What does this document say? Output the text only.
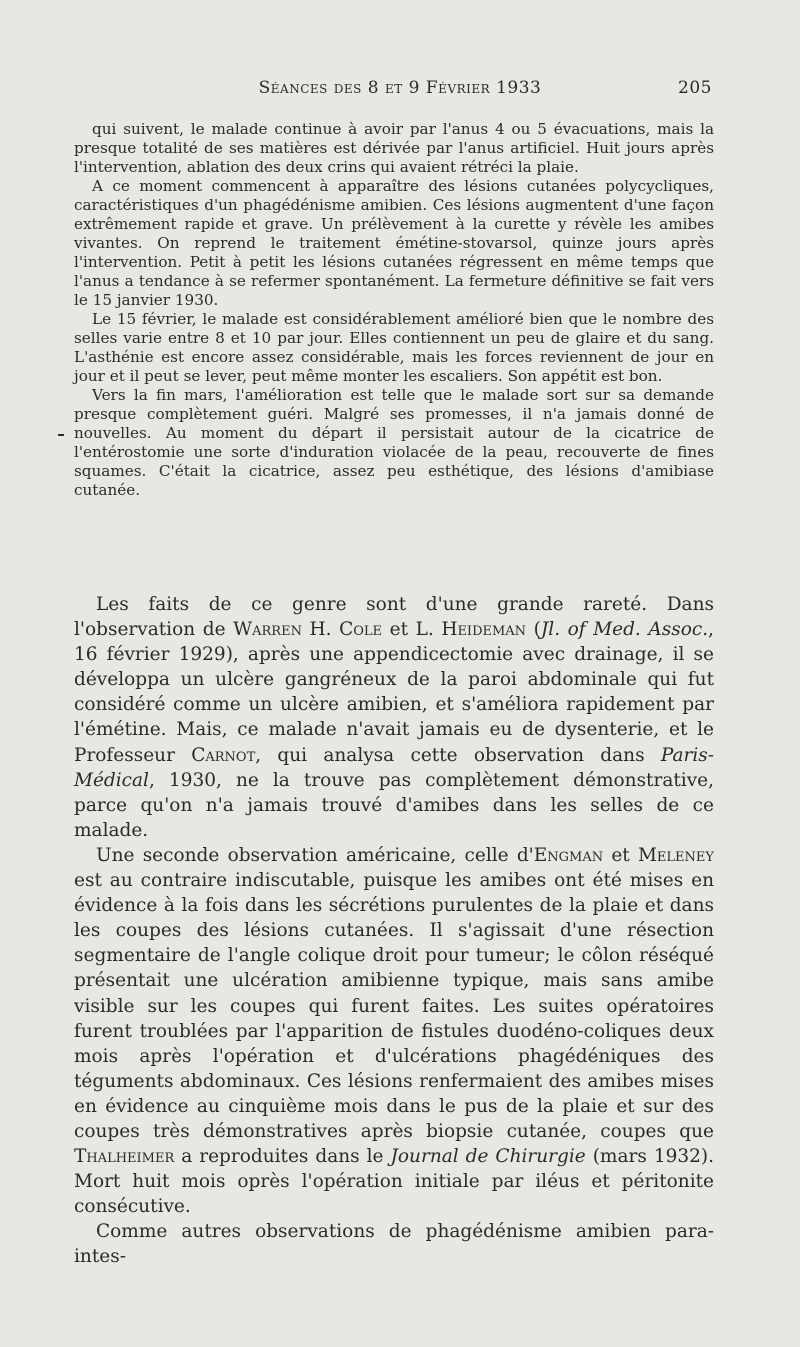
Séances des 8 et 9 Février 1933	205

qui suivent, le malade continue à avoir par l'anus 4 ou 5 évacuations, mais la presque totalité de ses matières est dérivée par l'anus artificiel. Huit jours après l'intervention, ablation des deux crins qui avaient rétréci la plaie.

A ce moment commencent à apparaître des lésions cutanées polycycliques, caractéristiques d'un phagédénisme amibien. Ces lésions augmentent d'une façon extrêmement rapide et grave. Un prélèvement à la curette y révèle les amibes vivantes. On reprend le traitement émétine-stovarsol, quinze jours après l'intervention. Petit à petit les lésions cutanées régressent en même temps que l'anus a tendance à se refermer spontanément. La fermeture définitive se fait vers le 15 janvier 1930.

Le 15 février, le malade est considérablement amélioré bien que le nombre des selles varie entre 8 et 10 par jour. Elles contiennent un peu de glaire et du sang. L'asthénie est encore assez considérable, mais les forces reviennent de jour en jour et il peut se lever, peut même monter les escaliers. Son appétit est bon.

Vers la fin mars, l'amélioration est telle que le malade sort sur sa demande presque complètement guéri. Malgré ses promesses, il n'a jamais donné de nouvelles. Au moment du départ il persistait autour de la cicatrice de l'entérostomie une sorte d'induration violacée de la peau, recouverte de fines squames. C'était la cicatrice, assez peu esthétique, des lésions d'amibiase cutanée.

Les faits de ce genre sont d'une grande rareté. Dans l'observation de Warren H. Cole et L. Heideman (Jl. of Med. Assoc., 16 février 1929), après une appendicectomie avec drainage, il se développa un ulcère gangréneux de la paroi abdominale qui fut considéré comme un ulcère amibien, et s'améliora rapidement par l'émétine. Mais, ce malade n'avait jamais eu de dysenterie, et le Professeur Carnot, qui analysa cette observation dans Paris-Médical, 1930, ne la trouve pas complètement démonstrative, parce qu'on n'a jamais trouvé d'amibes dans les selles de ce malade.

Une seconde observation américaine, celle d'Engman et Meleney est au contraire indiscutable, puisque les amibes ont été mises en évidence à la fois dans les sécrétions purulentes de la plaie et dans les coupes des lésions cutanées. Il s'agissait d'une résection segmentaire de l'angle colique droit pour tumeur; le côlon réséqué présentait une ulcération amibienne typique, mais sans amibe visible sur les coupes qui furent faites. Les suites opératoires furent troublées par l'apparition de fistules duodéno-coliques deux mois après l'opération et d'ulcérations phagédéniques des téguments abdominaux. Ces lésions renfermaient des amibes mises en évidence au cinquième mois dans le pus de la plaie et sur des coupes très démonstratives après biopsie cutanée, coupes que Thalheimer a reproduites dans le Journal de Chirurgie (mars 1932). Mort huit mois oprès l'opération initiale par iléus et péritonite consécutive.

Comme autres observations de phagédénisme amibien para-intes-
